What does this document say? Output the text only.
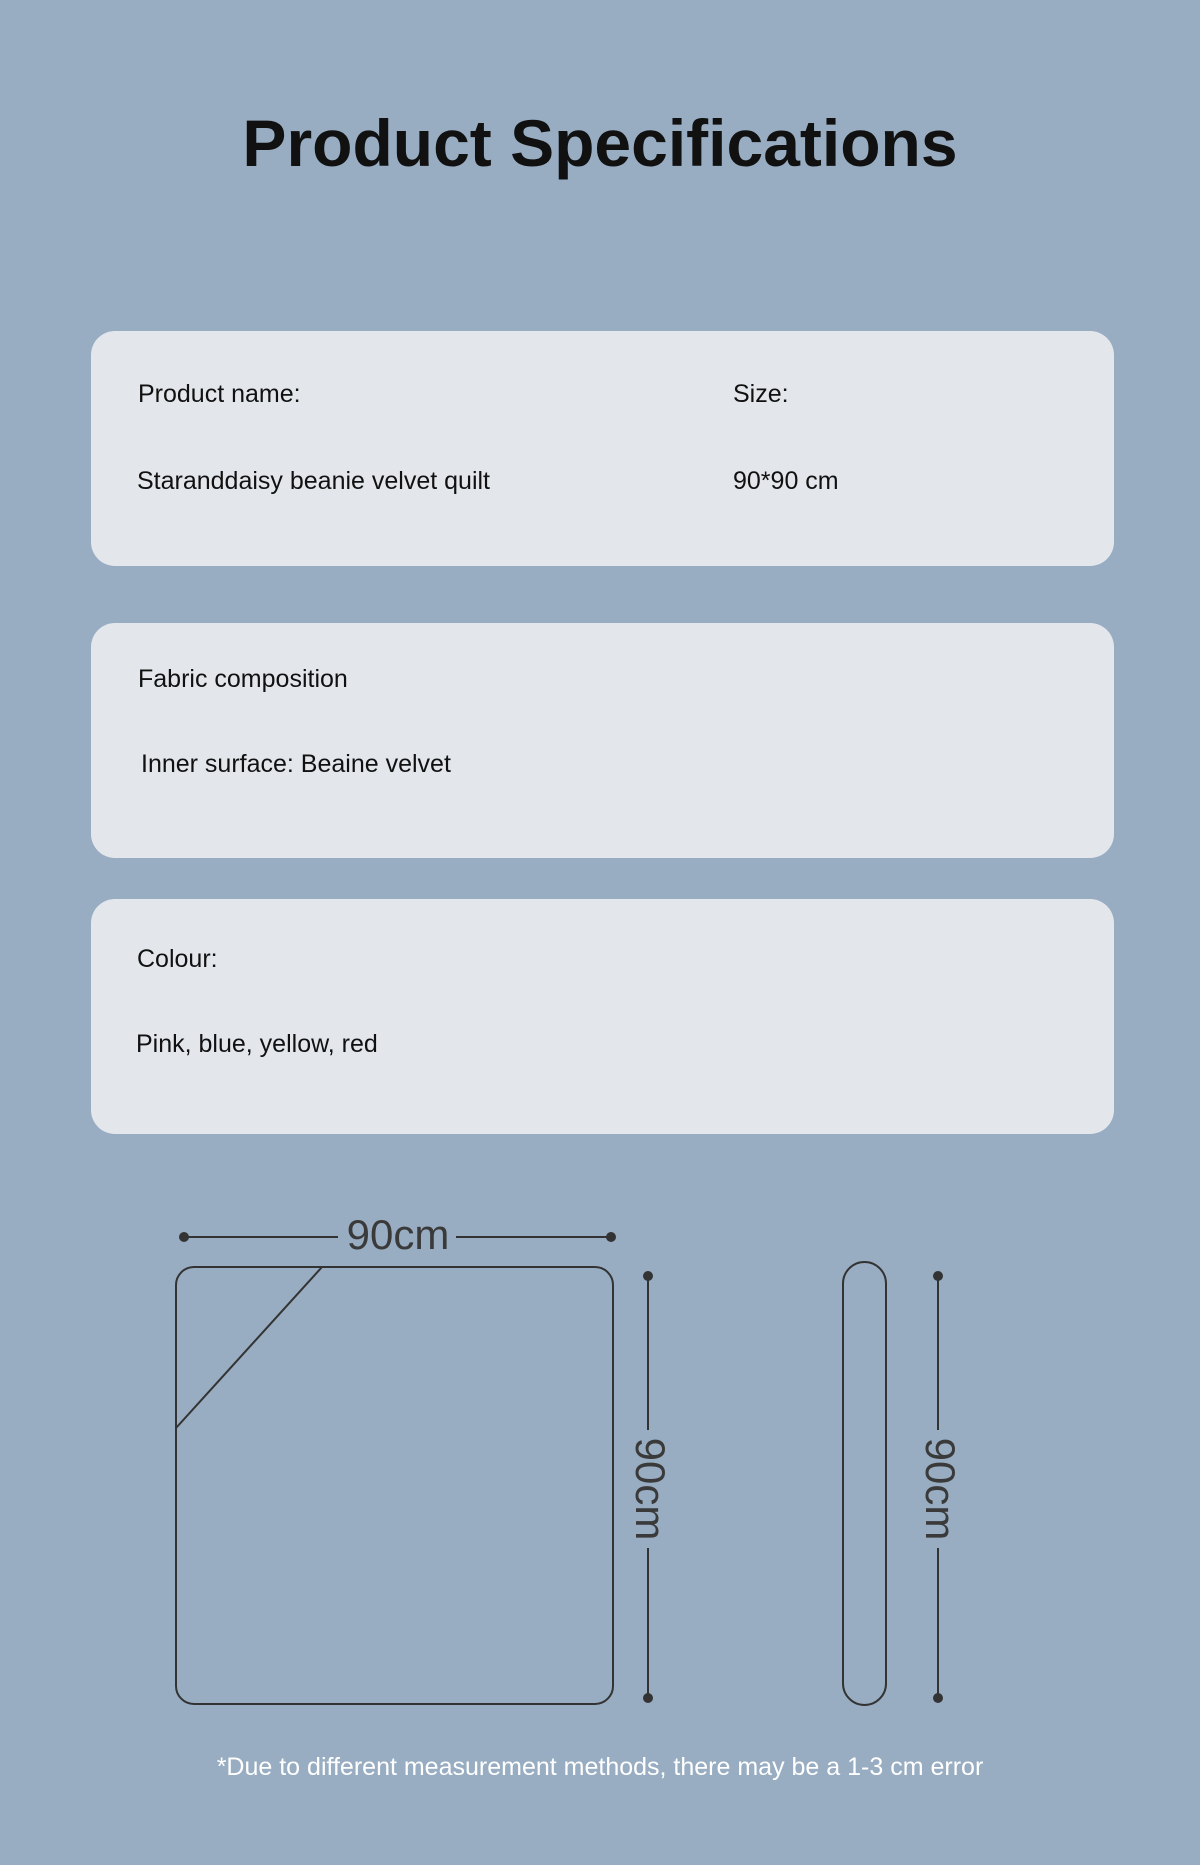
Product Specifications
Product name:
Staranddaisy beanie velvet quilt
Size:
90*90 cm
Fabric composition
Inner surface: Beaine velvet
Colour:
Pink, blue, yellow, red
90cm
90cm	90cm
*Due to different measurement methods, there may be a 1-3 cm error
